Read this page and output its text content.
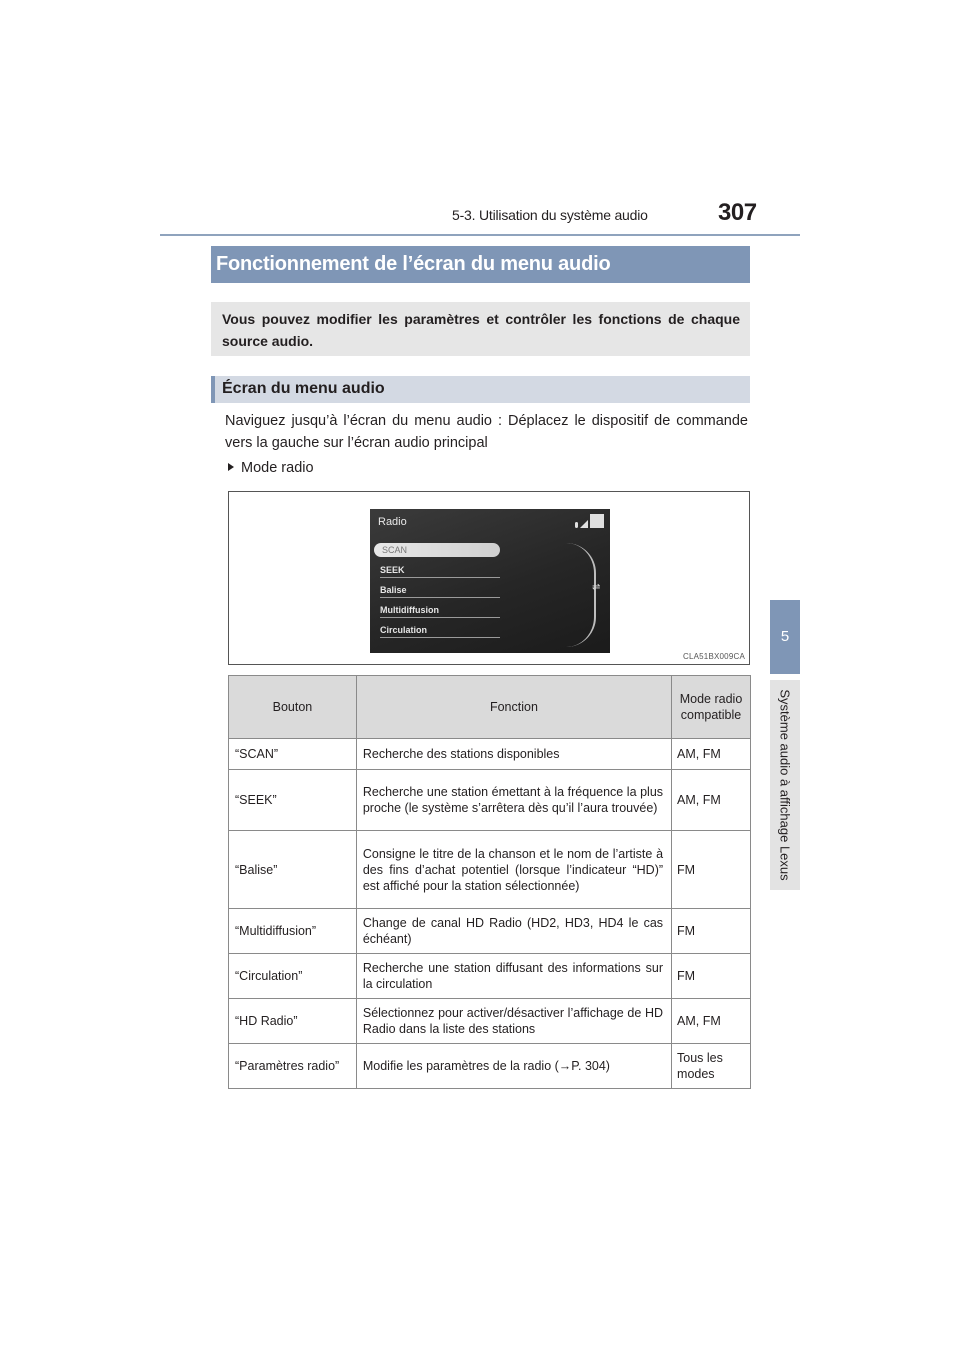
5-3. Utilisation du système audio	307
5
Système audio à affichage Lexus
Fonctionnement de l’écran du menu audio
Vous pouvez modifier les paramètres et contrôler les fonctions de chaque source audio.
Écran du menu audio
Naviguez jusqu’à l’écran du menu audio : Déplacez le dispositif de commande vers la gauche sur l’écran audio principal
Mode radio
Radio
SCAN
SEEK
Balise
Multidiffusion
Circulation
⇌
CLA51BX009CA
Bouton	Fonction	Mode radio compatible
“SCAN”	Recherche des stations disponibles	AM, FM
“SEEK”	Recherche une station émettant à la fréquence la plus proche (le système s’arrêtera dès qu’il l’aura trouvée)	AM, FM
“Balise”	Consigne le titre de la chanson et le nom de l’artiste à des fins d’achat potentiel (lorsque l’indicateur “HD)” est affiché pour la station sélectionnée)	FM
“Multidiffusion”	Change de canal HD Radio (HD2, HD3, HD4 le cas échéant)	FM
“Circulation”	Recherche une station diffusant des informations sur la circulation	FM
“HD Radio”	Sélectionnez pour activer/désactiver l’affichage de HD Radio dans la liste des stations	AM, FM
“Paramètres radio”	Modifie les paramètres de la radio (→P. 304)	Tous les modes
